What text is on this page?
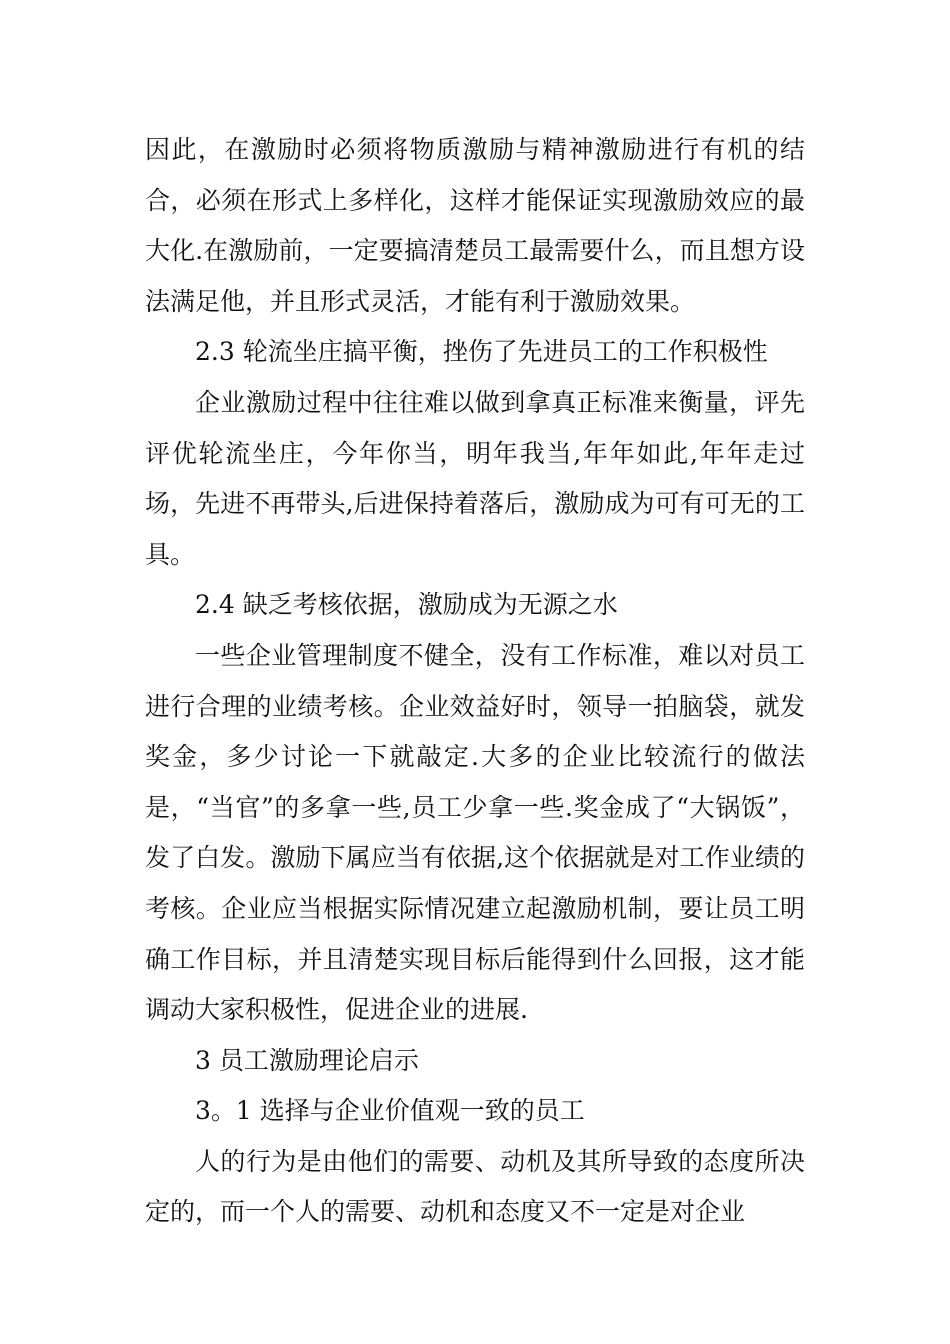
因此，在激励时必须将物质激励与精神激励进行有机的结合，必须在形式上多样化，这样才能保证实现激励效应的最大化.在激励前，一定要搞清楚员工最需要什么，而且想方设法满足他，并且形式灵活，才能有利于激励效果。

2.3 轮流坐庄搞平衡，挫伤了先进员工的工作积极性

企业激励过程中往往难以做到拿真正标准来衡量，评先评优轮流坐庄，今年你当，明年我当,年年如此,年年走过场，先进不再带头,后进保持着落后，激励成为可有可无的工具。

2.4 缺乏考核依据，激励成为无源之水

一些企业管理制度不健全，没有工作标准，难以对员工进行合理的业绩考核。企业效益好时，领导一拍脑袋，就发奖金，多少讨论一下就敲定.大多的企业比较流行的做法是，“当官”的多拿一些,员工少拿一些.奖金成了“大锅饭”，发了白发。激励下属应当有依据,这个依据就是对工作业绩的考核。企业应当根据实际情况建立起激励机制，要让员工明确工作目标，并且清楚实现目标后能得到什么回报，这才能调动大家积极性，促进企业的进展.

3 员工激励理论启示

3。1 选择与企业价值观一致的员工

人的行为是由他们的需要、动机及其所导致的态度所决定的，而一个人的需要、动机和态度又不一定是对企业
